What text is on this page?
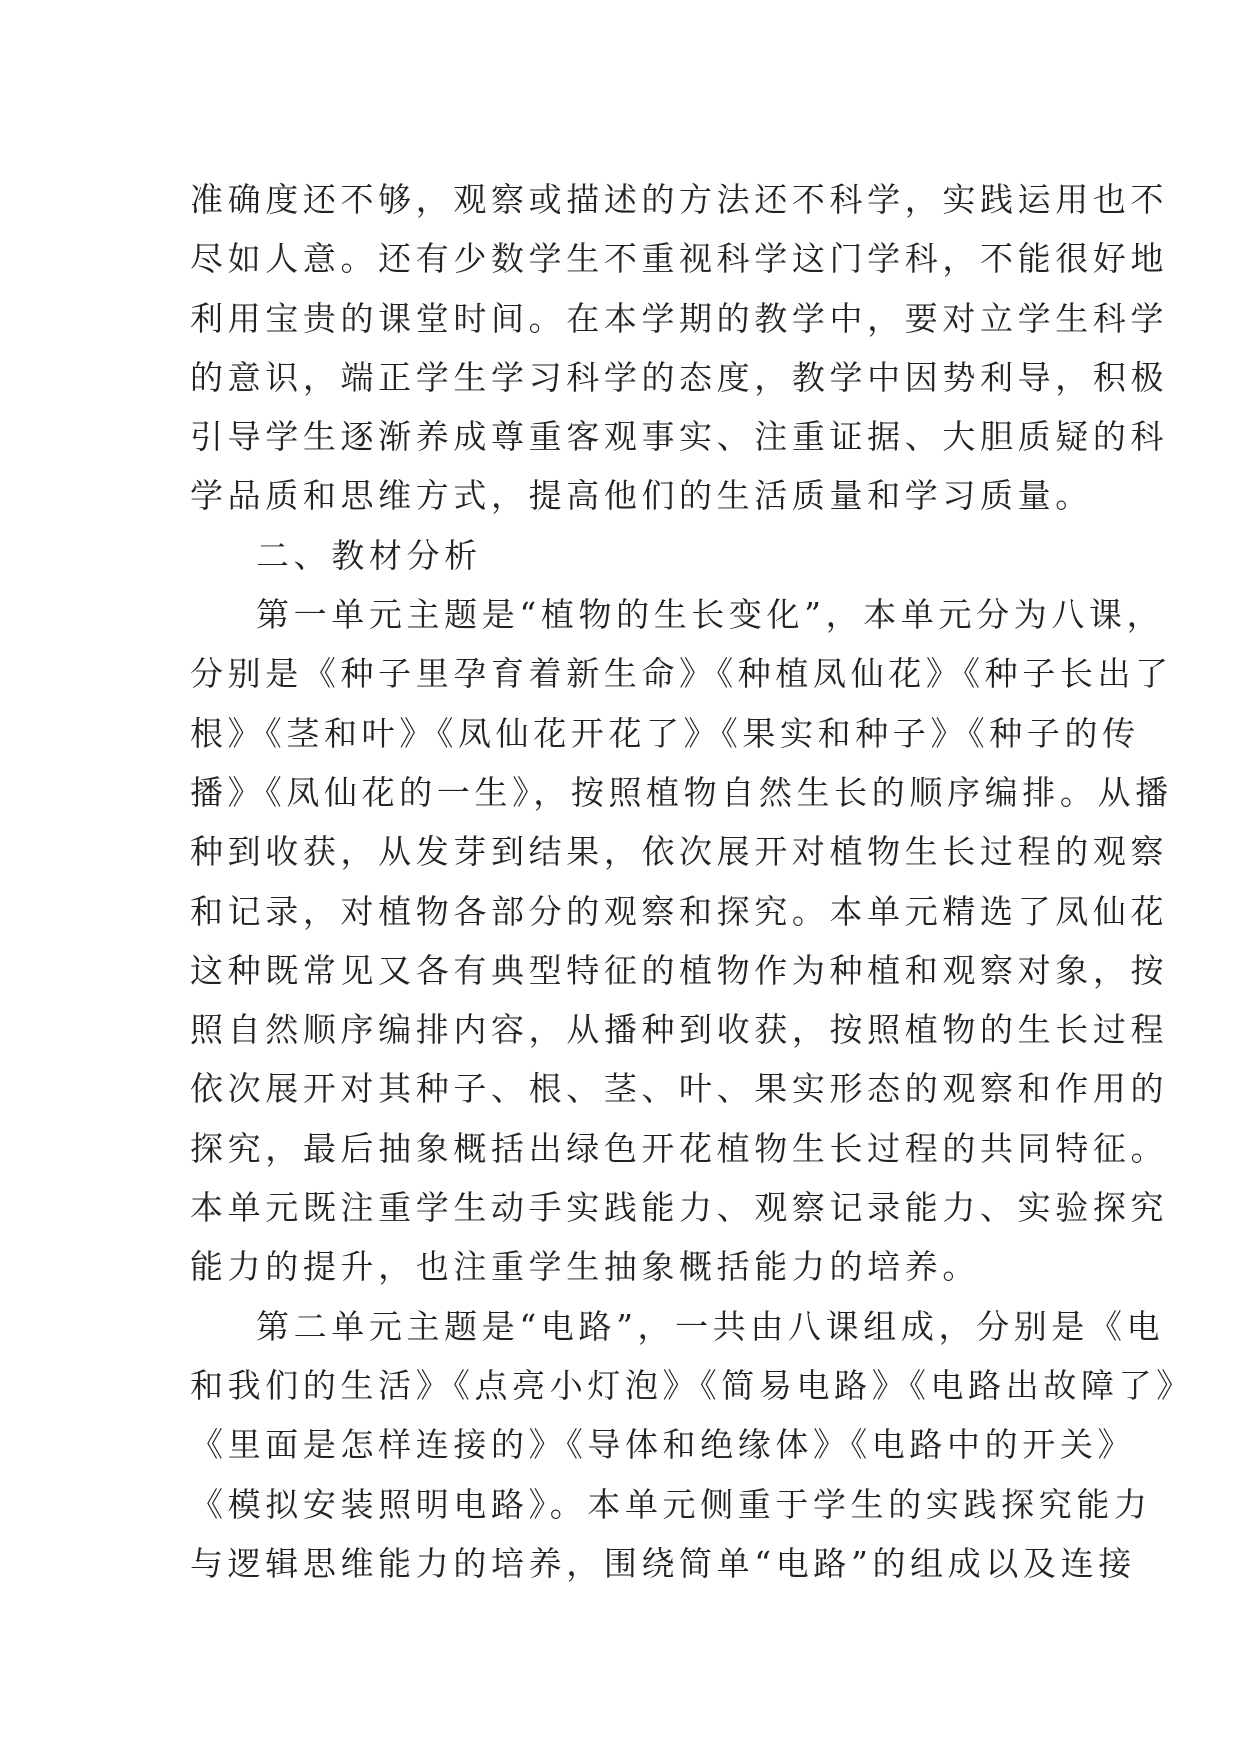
准确度还不够，观察或描述的方法还不科学，实践运用也不
尽如人意。还有少数学生不重视科学这门学科，不能很好地
利用宝贵的课堂时间。在本学期的教学中，要对立学生科学
的意识，端正学生学习科学的态度，教学中因势利导，积极
引导学生逐渐养成尊重客观事实、注重证据、大胆质疑的科
学品质和思维方式，提高他们的生活质量和学习质量。
二、教材分析
第一单元主题是“植物的生长变化”，本单元分为八课，
分别是《种子里孕育着新生命》《种植凤仙花》《种子长出了
根》《茎和叶》《凤仙花开花了》《果实和种子》《种子的传
播》《凤仙花的一生》，按照植物自然生长的顺序编排。从播
种到收获，从发芽到结果，依次展开对植物生长过程的观察
和记录，对植物各部分的观察和探究。本单元精选了凤仙花
这种既常见又各有典型特征的植物作为种植和观察对象，按
照自然顺序编排内容，从播种到收获，按照植物的生长过程
依次展开对其种子、根、茎、叶、果实形态的观察和作用的
探究，最后抽象概括出绿色开花植物生长过程的共同特征。
本单元既注重学生动手实践能力、观察记录能力、实验探究
能力的提升，也注重学生抽象概括能力的培养。
第二单元主题是“电路”，一共由八课组成，分别是《电
和我们的生活》《点亮小灯泡》《简易电路》《电路出故障了》
《里面是怎样连接的》《导体和绝缘体》《电路中的开关》
《模拟安装照明电路》。本单元侧重于学生的实践探究能力
与逻辑思维能力的培养，围绕简单“电路”的组成以及连接
